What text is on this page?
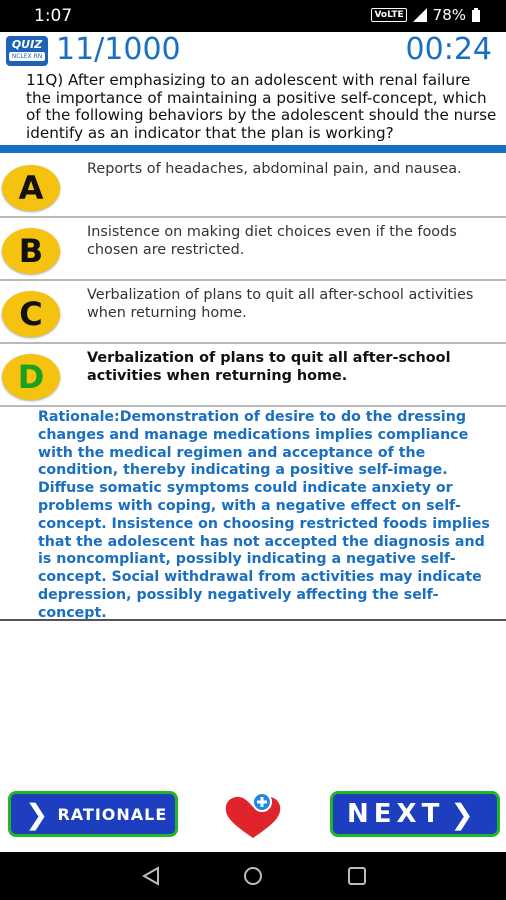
1:07	VoLTE 78%
QUIZ
NCLEX RN 11/1000	00:24
11Q) After emphasizing to an adolescent with renal failure the importance of maintaining a positive self-concept, which of the following behaviors by the adolescent should the nurse identify as an indicator that the plan is working?
A	Reports of headaches, abdominal pain, and nausea.
B	Insistence on making diet choices even if the foods chosen are restricted.
C	Verbalization of plans to quit all after-school activities when returning home.
D	Verbalization of plans to quit all after-school activities when returning home.
Rationale:Demonstration of desire to do the dressing changes and manage medications implies compliance with the medical regimen and acceptance of the condition, thereby indicating a positive self-image. Diffuse somatic symptoms could indicate anxiety or problems with coping, with a negative effect on self-concept. Insistence on choosing restricted foods implies that the adolescent has not accepted the diagnosis and is noncompliant, possibly indicating a negative self-concept. Social withdrawal from activities may indicate depression, possibly negatively affecting the self-concept.
❯ RATIONALE	NEXT ❯
